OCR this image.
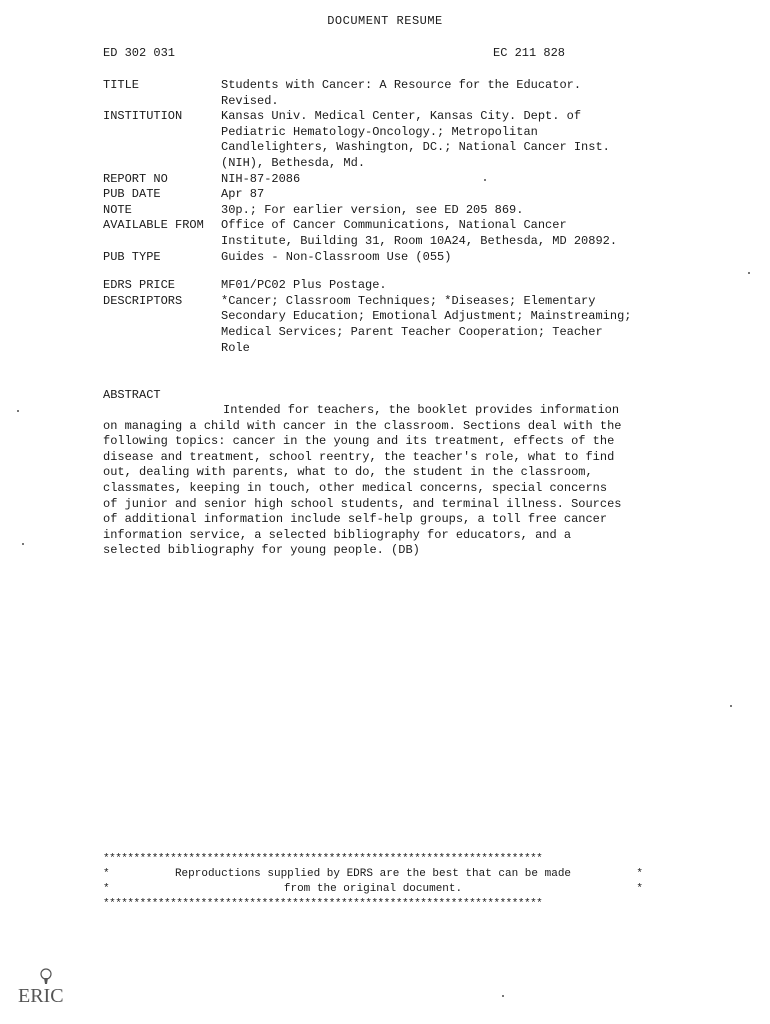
DOCUMENT RESUME
ED 302 031	EC 211 828
TITLE	Students with Cancer: A Resource for the Educator. Revised.
INSTITUTION	Kansas Univ. Medical Center, Kansas City. Dept. of Pediatric Hematology-Oncology.; Metropolitan Candlelighters, Washington, DC.; National Cancer Inst. (NIH), Bethesda, Md.
REPORT NO	NIH-87-2086
PUB DATE	Apr 87
NOTE	30p.; For earlier version, see ED 205 869.
AVAILABLE FROM	Office of Cancer Communications, National Cancer Institute, Building 31, Room 10A24, Bethesda, MD 20892.
PUB TYPE	Guides - Non-Classroom Use (055)
EDRS PRICE	MF01/PC02 Plus Postage.
DESCRIPTORS	*Cancer; Classroom Techniques; *Diseases; Elementary Secondary Education; Emotional Adjustment; Mainstreaming; Medical Services; Parent Teacher Cooperation; Teacher Role
ABSTRACT
Intended for teachers, the booklet provides information on managing a child with cancer in the classroom. Sections deal with the following topics: cancer in the young and its treatment, effects of the disease and treatment, school reentry, the teacher's role, what to find out, dealing with parents, what to do, the student in the classroom, classmates, keeping in touch, other medical concerns, special concerns of junior and senior high school students, and terminal illness. Sources of additional information include self-help groups, a toll free cancer information service, a selected bibliography for educators, and a selected bibliography for young people. (DB)
************************************************************************
*	Reproductions supplied by EDRS are the best that can be made	*
*	from the original document.	*
************************************************************************
ERIC
